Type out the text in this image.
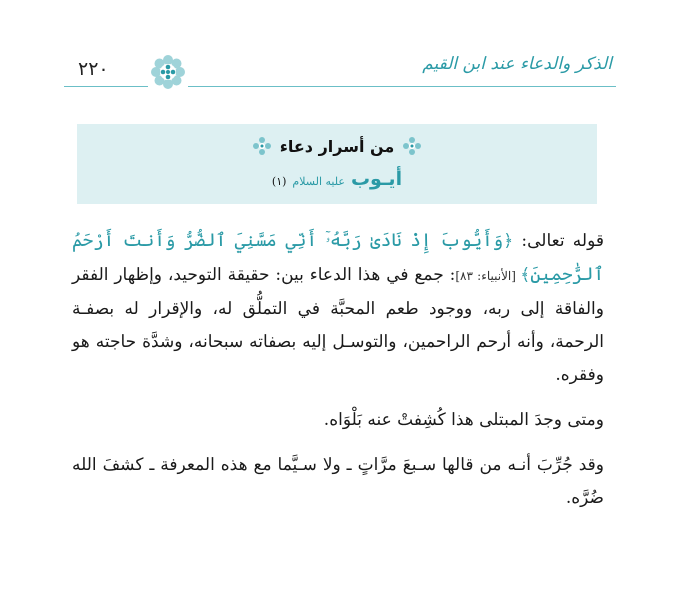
٢٢٠	الذكر والدعاء عند ابن القيم
من أسرار دعاء
أيـوب
عليه السلام
(١)

قوله تعالى: ﴿وَأَيُّوبَ إِذْ نَادَىٰ رَبَّهُۥٓ أَنِّي مَسَّنِيَ ٱلضُّرُّ وَأَنتَ أَرْحَمُ ٱلرَّٰحِمِينَ﴾ [الأنبياء: ٨٣]: جمع في هذا الدعاء بين: حقيقة التوحيد، وإظهار الفقر والفاقة إلى ربه، ووجود طعم المحبَّة في التملُّق له، والإقرار له بصفـة الرحمة، وأنه أرحم الراحمين، والتوسـل إليه بصفاته سبحانه، وشدَّة حاجته هو وفقره.

ومتى وجدَ المبتلى هذا كُشِفتْ عنه بَلْوَاه.

وقد جُرِّبَ أنـه من قالها سـبعَ مرَّاتٍ ـ ولا سـيَّما مع هذه المعرفة ـ كشفَ الله ضُرَّه.
